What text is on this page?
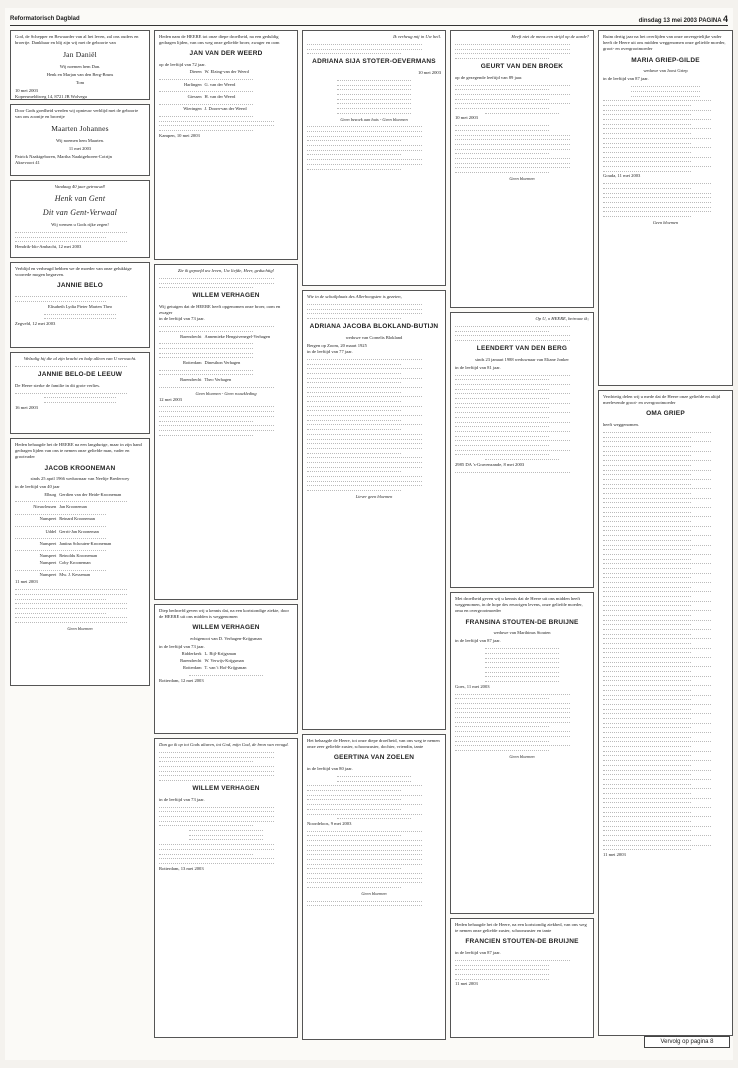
Reformatorisch Dagblad	dinsdag 13 mei 2003 PAGINA 4
God, de Schepper en Bewaarder van al het leven, zal ons ouders en broertje. Dankbaar en blij zijn wij met de geboorte van
Jan Daniël
Wij noemen hem Dan.
Henk en Marjan van den Berg-Bruns
Tom
10 mei 2003
Kopersmeldtweg 14, 8721 JB Wolvega
Door Gods goedheid werden wij opnieuw verblijd met de geboorte van ons zoontje en broertje
Maarten Johannes
Wij noemen hem Maarten.
11 mei 2003
Patrick Naaktgeboren, Martha Naaktgeboren-Cotrijn
Aksevoort 41
Vandaag 40 jaar getrouwd!
Henk van Gent
Dit van Gent-Verwaal
Wij wensen u Gods rijke zegen!
Hendrik-Ido-Ambacht, 12 mei 2003
Verblijd en verheugd hebben we de moeder van onze gelukkige voorrede mogen begraven.
JANNIE BELO
Elisabeth Lydia Pieter Marten Theo
Zegveld, 12 mei 2003
Welzalig hij die al zijn kracht en hulp alleen van U verwacht.
JANNIE BELO-DE LEEUW
De Heere sterke de familie in dit grote verlies.
16 mei 2003
Heden behaagde het de HEERE na een langdurige, maar in zijn hand gedragen lijden van ons te nemen onze geliefde man, vader en grootvader
JACOB KROONEMAN
sinds 25 april 1966 weduwnaar van Neeltje Brederwey
in de leeftijd van 40 jaar
Elburg Gerdien van der Heide-Krooneman
Nieuwleusen Jan Krooneman
Nunspeet Reinard Krooneman
Uddel Gerrit-Jan Krooneman
Nunspeet Jantina Schouten-Krooneman
Nunspeet Reinoldu Krooneman
Nunspeet Coby Krooneman
Nunspeet Mw. J. Kesseman
11 mei 2003
Geen bloemen
Heden nam de HEERE tot onze diepe droefheid, na een geduldig gedragen lijden, van ons weg onze geliefde broer, zwager en oom
JAN VAN DER WEERD
op de leeftijd van 72 jaar.
Dieren W. Elzing-van der Weerd
Harlingen G. van der Weerd
Giessen H. van der Weerd
Wieringen J. Doorn-van der Weerd
Kampen, 10 mei 2003
Zie ik gepoefd uw leven, Uw liefde, Heer, geduchtig!
WILLEM VERHAGEN
Wij getuigen dat de HEERE heeft opgenomen onze broer, oom en zwager
in de leeftijd van 73 jaar.
Barendrecht Annemieke Hengstvenegel-Verhagen
Rotterdam Dinesthon Verhagen
Barendrecht Theo Verhagen
Geen bloemen - Geen rouwkleding
12 mei 2003
Diep bedroefd geven wij u kennis dat, na een kortstondige ziekte, door de HEERE uit ons midden is weggenomen
WILLEM VERHAGEN
echtgenoot van D. Verhagen-Krijgsman
in de leeftijd van 73 jaar.
Ridderkerk L. Bijl-Krijgsman
Barendrecht W. Verwijs-Krijgsman
Rotterdam T. van 't Hof-Krijgsman
Rotterdam, 12 mei 2003
Dan ga ik op tot Gods altaren, tot God, mijn God, de bron van vreugd.
WILLEM VERHAGEN
in de leeftijd van 73 jaar.
Rotterdam, 13 mei 2003
Ik verheug mij in Uw heil.
ADRIANA SIJA STOTER-OEVERMANS
10 mei 2003
Geen bezoek aan huis - Geen bloemen
Wie in de schuilplaats des Allerhoogsten is gezeten,
ADRIANA JACOBA BLOKLAND-BUTIJN
weduwe van Cornelis Blokland
Bergen op Zoom, 20 maart 1925
in de leeftijd van 77 jaar.
Liever geen bloemen
Het behaagde de Heere, tot onze diepe droefheid, van ons weg te nemen onze zeer geliefde zuster, schoonzuster, dochter, vriendin, tante
GEERTINA VAN ZOELEN
in de leeftijd van 80 jaar.
Noordeloos, 9 mei 2003
Geen bloemen
Heeft niet de mens een strijd op de aarde?
GEURT VAN DEN BROEK
op de gezegende leeftijd van 89 jaar.
10 mei 2003
Geen bloemen
Op U, o HEERE, betrouw ik;
LEENDERT VAN DEN BERG
sinds 23 januari 1988 weduwnaar van Eliane Jonker
in de leeftijd van 81 jaar.
2985 DA 's-Gravenzande, 8 mei 2003
Met droefheid geven wij u kennis dat de Heere uit ons midden heeft weggenomen, in de hope des eeuwigen levens, onze geliefde moeder, oma en overgrootmoeder
FRANSINA STOUTEN-DE BRUIJNE
weduwe van Marthinus Stouten
in de leeftijd van 87 jaar.
Goes, 11 mei 2003
Geen bloemen
Heden behaagde het de Heere, na een kortstondig ziekbed, van ons weg te nemen onze geliefde zuster, schoonzuster en tante
FRANCIEN STOUTEN-DE BRUIJNE
in de leeftijd van 87 jaar.
11 mei 2003
Ruim dertig jaar na het overlijden van onze onvergetelijke vader heeft de Heere uit ons midden weggenomen onze geliefde moeder, groot- en overgrootmoeder
MARIA GRIEP-GILDE
weduwe van Joost Griep
in de leeftijd van 87 jaar.
Gouda, 11 mei 2003
Geen bloemen
Verdrietig delen wij u mede dat de Heere onze geliefde en altijd meelevende groot- en overgrootmoeder
OMA GRIEP
heeft weggenomen.
11 mei 2003
Vervolg op pagina 8
